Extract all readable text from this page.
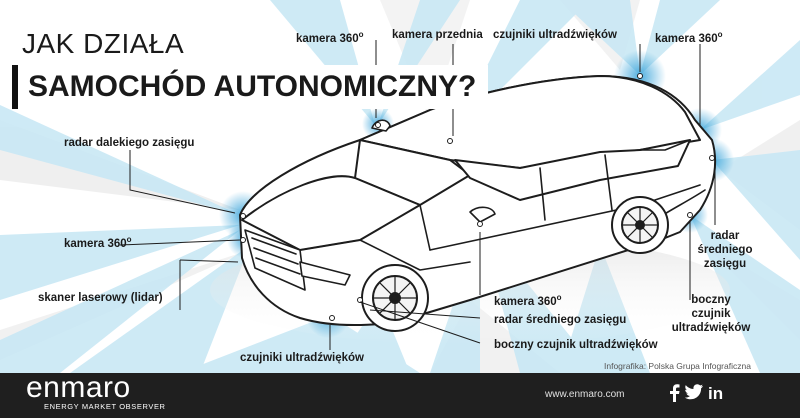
JAK DZIAŁA
SAMOCHÓD AUTONOMICZNY?
kamera 360$^o$ kamera przednia czujniki ultradźwięków	kamera 360$^o$
radar dalekiego zasięgu
kamera 360$^o$
skaner laserowy (lidar)
czujniki ultradźwięków
kamera 360$^o$
radar średniego zasięgu
boczny czujnik ultradźwięków
radar
średniego
zasięgu
boczny
czujnik
ultradźwięków
Infografika: Polska Grupa Infograficzna
enmaro
ENERGY MARKET OBSERVER
www.enmaro.com	in
